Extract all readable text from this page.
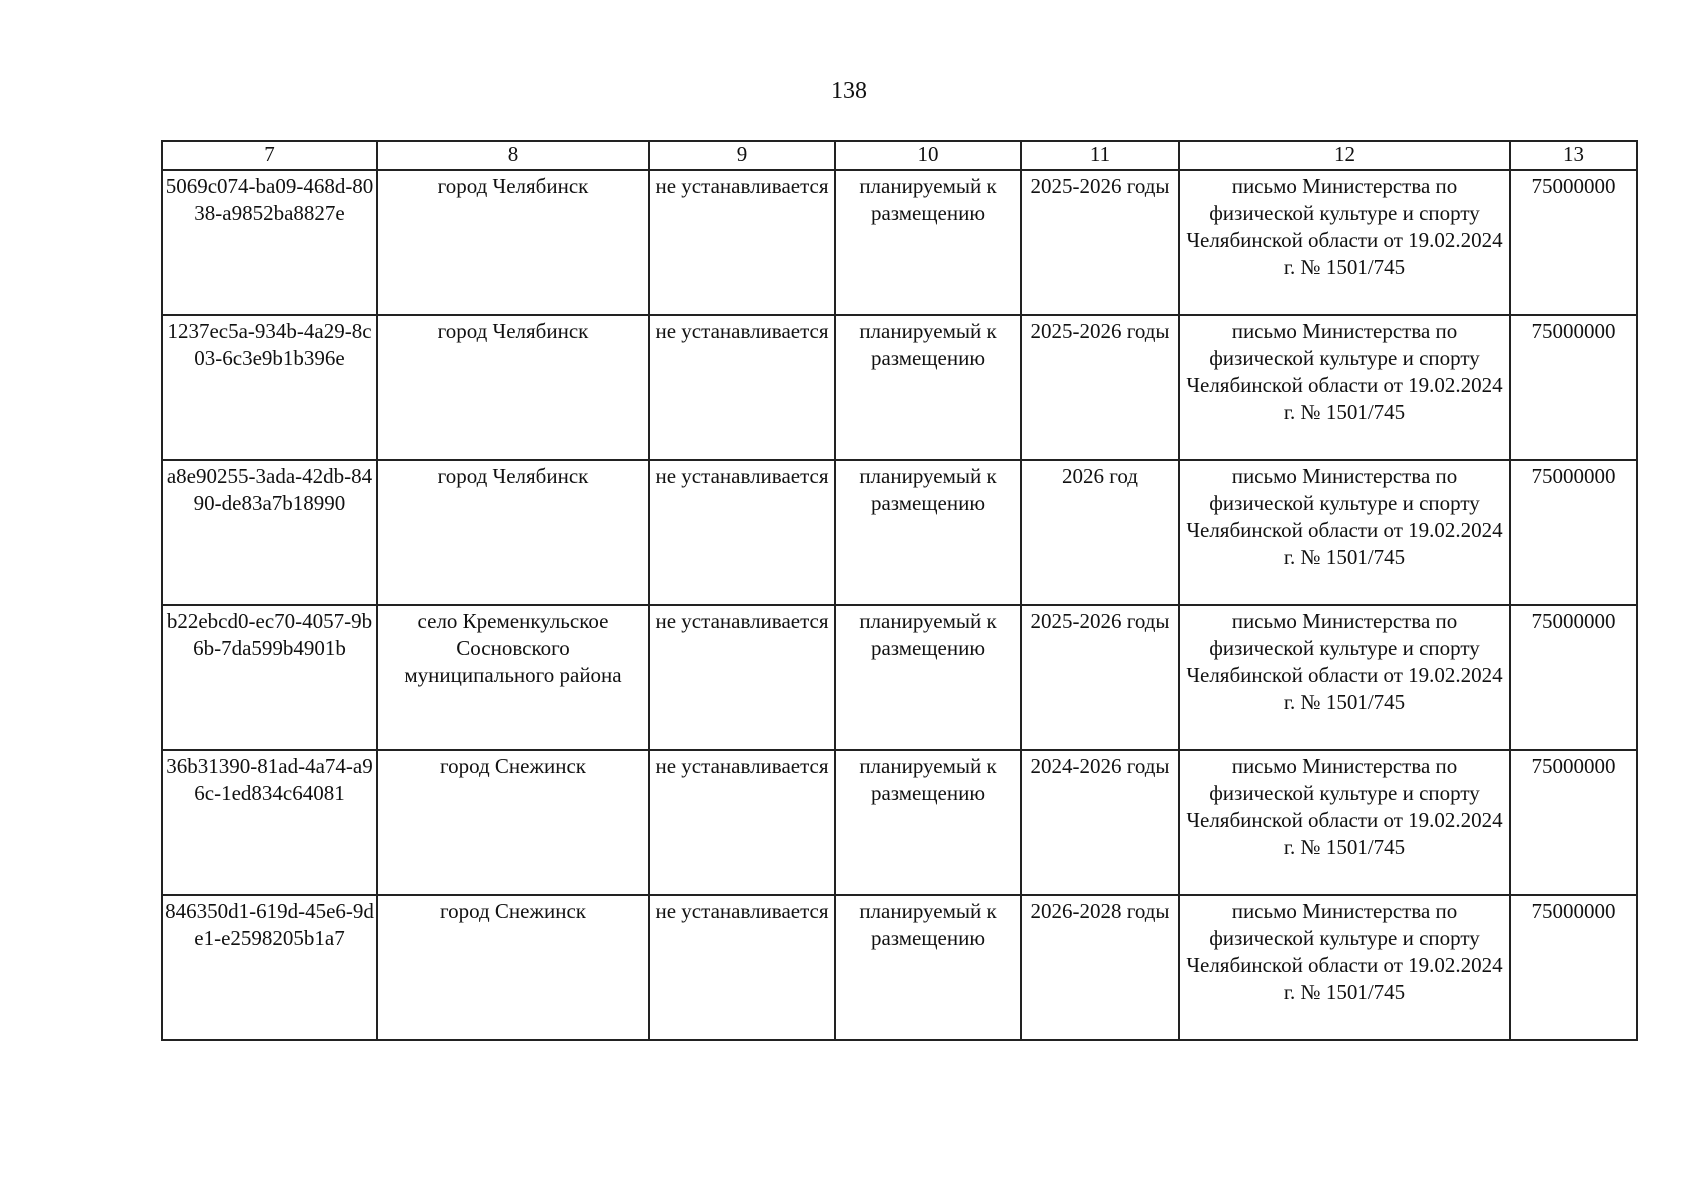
138
7	8	9	10	11	12	13
5069c074-ba09-468d-8038-a9852ba8827e	город Челябинск	не устанавливается	планируемый к размещению	2025-2026 годы	письмо Министерства по физической культуре и спорту Челябинской области от 19.02.2024 г. № 1501/745	75000000
1237ec5a-934b-4a29-8c03-6c3e9b1b396e	город Челябинск	не устанавливается	планируемый к размещению	2025-2026 годы	письмо Министерства по физической культуре и спорту Челябинской области от 19.02.2024 г. № 1501/745	75000000
a8e90255-3ada-42db-8490-de83a7b18990	город Челябинск	не устанавливается	планируемый к размещению	2026 год	письмо Министерства по физической культуре и спорту Челябинской области от 19.02.2024 г. № 1501/745	75000000
b22ebcd0-ec70-4057-9b6b-7da599b4901b	село Кременкульское Сосновского муниципального района	не устанавливается	планируемый к размещению	2025-2026 годы	письмо Министерства по физической культуре и спорту Челябинской области от 19.02.2024 г. № 1501/745	75000000
36b31390-81ad-4a74-a96c-1ed834c64081	город Снежинск	не устанавливается	планируемый к размещению	2024-2026 годы	письмо Министерства по физической культуре и спорту Челябинской области от 19.02.2024 г. № 1501/745	75000000
846350d1-619d-45e6-9de1-e2598205b1a7	город Снежинск	не устанавливается	планируемый к размещению	2026-2028 годы	письмо Министерства по физической культуре и спорту Челябинской области от 19.02.2024 г. № 1501/745	75000000
